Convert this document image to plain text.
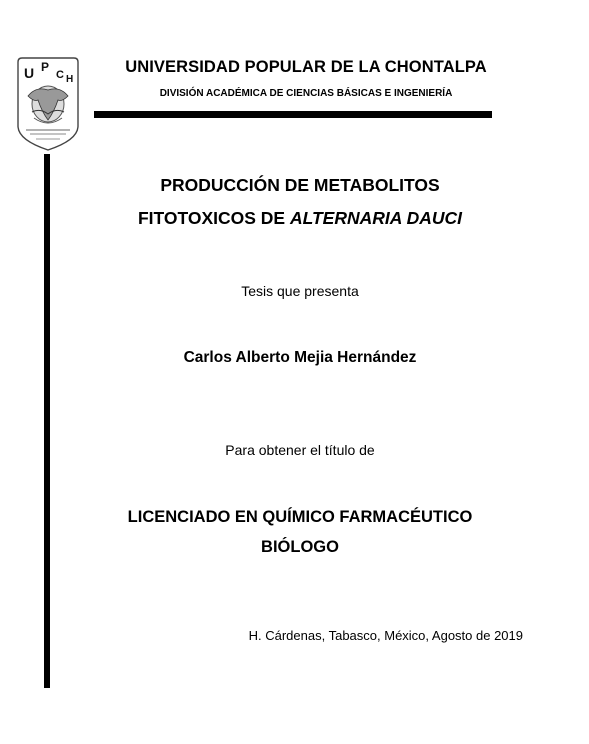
U P
C H
UNIVERSIDAD POPULAR DE LA CHONTALPA
DIVISIÓN ACADÉMICA DE CIENCIAS BÁSICAS E INGENIERÍA
PRODUCCIÓN DE METABOLITOS
FITOTOXICOS DE ALTERNARIA DAUCI
Tesis que presenta
Carlos Alberto Mejia Hernández
Para obtener el título de
LICENCIADO EN QUÍMICO FARMACÉUTICO
BIÓLOGO
H. Cárdenas, Tabasco, México, Agosto de 2019
